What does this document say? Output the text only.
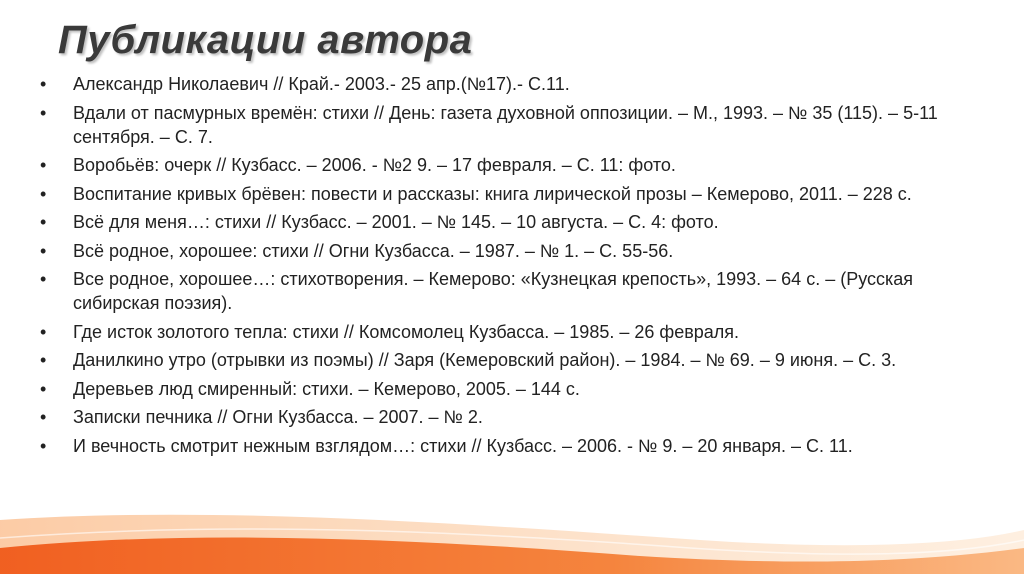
Публикации автора
• Александр Николаевич // Край.- 2003.- 25 апр.(№17).- С.11.
• Вдали от пасмурных времён: стихи // День: газета духовной оппозиции. – М., 1993. – № 35 (115). – 5-11 сентября. – С. 7.
• Воробьёв: очерк // Кузбасс. – 2006. - №2 9. – 17 февраля. – С. 11: фото.
• Воспитание кривых брёвен: повести и рассказы: книга лирической прозы – Кемерово, 2011. – 228 с.
• Всё для меня…: стихи // Кузбасс. – 2001. – № 145. – 10 августа. – С. 4: фото.
• Всё родное, хорошее: стихи // Огни Кузбасса. – 1987. – № 1. – С. 55-56.
• Все родное, хорошее…: стихотворения. – Кемерово: «Кузнецкая крепость», 1993. – 64 с. – (Русская сибирская поэзия).
• Где исток золотого тепла: стихи // Комсомолец Кузбасса. – 1985. – 26 февраля.
• Данилкино утро (отрывки из поэмы) // Заря (Кемеровский район). – 1984. – № 69. – 9 июня. – С. 3.
• Деревьев люд смиренный: стихи. – Кемерово, 2005. – 144 с.
• Записки печника // Огни Кузбасса. – 2007. – № 2.
• И вечность смотрит нежным взглядом…: стихи // Кузбасс. – 2006. - № 9. – 20 января. – С. 11.
